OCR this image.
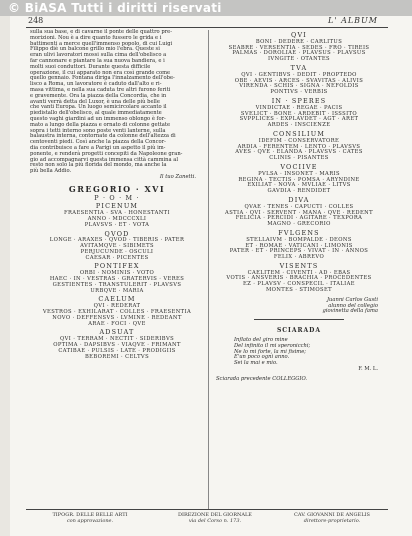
© BiASA Tutti i diritti riservati
248	L' ALBUM
sulla sua base, e di cavarne il ponte delle quattro pre-
morizioni. Nou è a dire quanto fussero le grida e i
battimenti a merce quell'immenso popolo, di cui Luigi
Filippo diè un balcone grillo mio l'ebra. Queste si
eran ulivi lavoratori mossi sulla cima dell'obelisco a
far cannonare e piantare la sua nuova bandiera, e i
molti suoi conduttori. Durante questa difficile
operazione, il cui apparato non era così grande come
quello gennaio. Fontana diriga l'innalzamento dell'obe-
lisco a Roma, un lavoratore è caduto dall'alto e ri-
masa vittima, e nella sua caduta tre altri furono feriti
e gravemente. Ora la piazza della Concordia, che in
avanti verrà detta del Luxor, è una delle più belle
che vanti Europa. Un luogo semicircolare accanto il
piedistallo dell'obelisco, al quale immediatamente
questo vaghi giardini ad un immenso oblongo è for-
mato a lungo della piazza e ornato di colonne gettate
sopra i tetti interno sono poste venti lanterne, sulla
balaustra interna, contornate da colonne dell'altezza di
centoventi piedi. Così anche la piazza della Concor-
dia contribuisce a fare a Parigi un aspetto il più im-
ponente, e renderà progetti concepiti da Napoleone gran-
gio ad accompagnarvi questa immensa città cammina al
resto non solo la più florida del mondo, ma anche la
più bella Addio.
Il tuo Zanetti.
GREGORIO · XVI
P · O · M ·
PICENUM
FRAESENTIA · SVA · HONESTANTI
ANNO · MDCCCXLI
PLAVSVS · ET · VOTA
QVOD
LONGE · ARAXES · QVOD · TIBERIS · PATER
AVITAMQVE · SIBIMETS
PERJUCUNDE · OSCULI
CAESAR · PICENTES
PONTIFEX
ORBI · NOMINIS · VOTO
HAEC · IN · VESTRAS · GRATERVIS · VERES
GESTIENTES · TRANSTULERIT · PLAVSVS
URBQVE · MARIA
CAELUM
QVI · REDERAT
VESTROS · EXHILARAT · COLLES · FRAESENTIA
NOVO · DEFFENSVS · LVMINE · REDEANT
ARAE · FOCI · QVE
ADSUAT
QVI · TERRAM · NECTIT · SIDERIBVS
OPTIMA · DAPSIBVS · VIAQVE · FRIMANT
CATIBAE · PULSIS · LATE · PRODIGIIS
BEBOREMI · CELTVS
QVI
BONI · DEDERE · CARLITUS
SEABRE · VERSENTIA · SEDES · FRO · TIREIS
PALMAS · DOROLIAE · PLAVSUS · PLAVSUS
IVNGITE · OTANTES
TVA
QVI · GENTIBVS · DEDIT · PROPTEDO
OBE · AEVIS · ARCES · SVAVITAS · ALIVIS
VIRENDA · SCHIS · SIGNA · NEFOLDIS
PONTIVS · VERBIS
IN · SPERES
VINDICTAE · REGAE · PACIS
SVELICT · BONE · ARDEBIT · ISSSITO
SVPPLICES · EXPLAVDET · AGT · ARET
ARDES · INSCIENZE
CONSILIUM
IDEFIM · CONSERVATORE
ARDIA · FERENTEM · LENTO · PLAVSVS
AVES · QVE · ELANDA · PLAVSVS · CATES
CLINIS · PISANTES
VOCIIVE
PVLSA · INSONET · MARIS
REGINA · TECTIS · POMSA · ARYNDINE
EXILIAT · NOVA · MVLIAE · LITVS
GAVDIA · RENDIDET
DIVA
QVAE · TENES · CAPUCTI · COLLES
ASTIA · QVI · SERVENT · MANA · QVE · REDENT
FELICIA · PERCIDI · AGITARE · TEXPORA
MAGNO · GRECORIO
FVLGENS
STELLAIVM · BOMPALDE · DEONS
ET · ROMAE · VATICANI · LIMONIS
PATER · ET · PRINCEPS · VIVAT · IN · ANNOS
FELIX · ABREVO
VISENTS
CAELITEM · CIVENTI · AD · EBAS
VOTIS · ANSVERIS · BRACHIA · PROCEDENTES
EZ · PLAVSV · CONSPECIL · ITALIAE
MONTES · STIMOSET
Juanni Carlos Gusti
alunno del collegio
giovinetta della fama
SCIARADA
Inflato del giro mine
Del infinito il mi speronicchi;
Ne lo mi forte, la mi fisime;
E'un poco ogni anno.
Sei la mai e mio.
F. M. L.
Sciarada precedente COLLEGGIO.
TIPOGR. DELLE BELLE ARTI
con approvazione.
DIREZIONE DEL GIORNALE
via del Corso n. 173.
CAV. GIOVANNI DE ANGELIS
direttore-proprietario.
